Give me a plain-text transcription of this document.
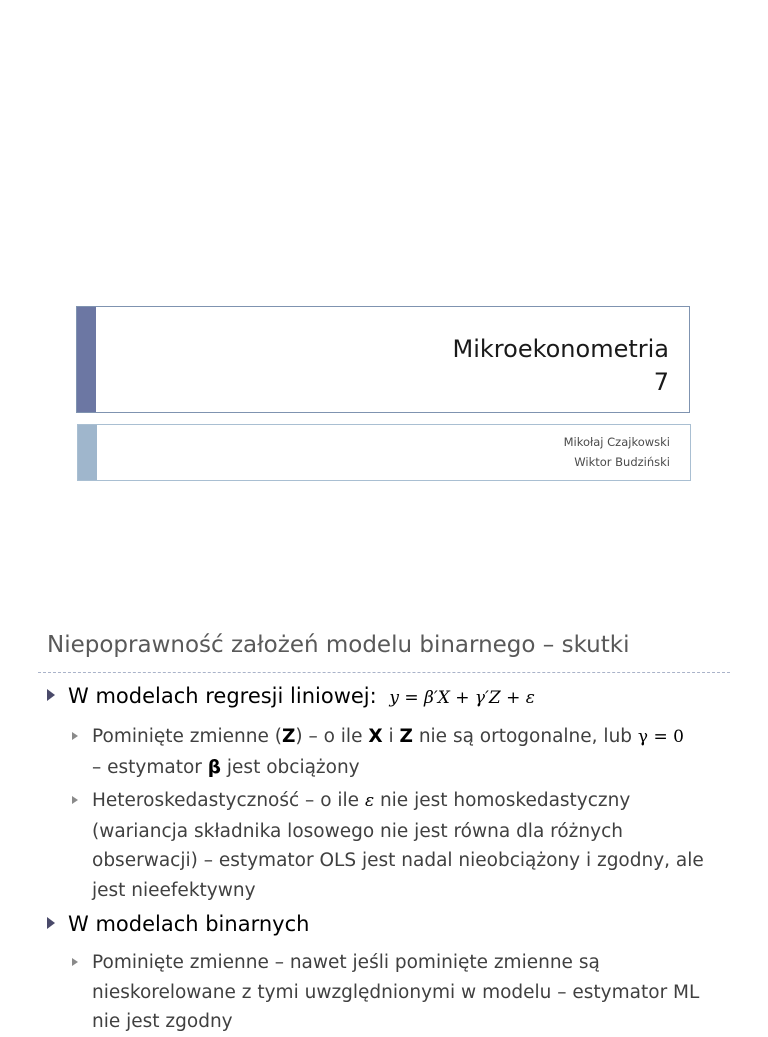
Mikroekonometria
7
Mikołaj Czajkowski
Wiktor Budziński
Niepoprawność założeń modelu binarnego – skutki
W modelach regresji liniowej: y = β′X + γ′Z + ε
Pominięte zmienne (Z) – o ile X i Z nie są ortogonalne, lub γ = 0
– estymator β jest obciążony
Heteroskedastyczność – o ile ε nie jest homoskedastyczny (wariancja składnika losowego nie jest równa dla różnych obserwacji) – estymator OLS jest nadal nieobciążony i zgodny, ale jest nieefektywny
W modelach binarnych
Pominięte zmienne – nawet jeśli pominięte zmienne są nieskorelowane z tymi uwzględnionymi w modelu – estymator ML nie jest zgodny
